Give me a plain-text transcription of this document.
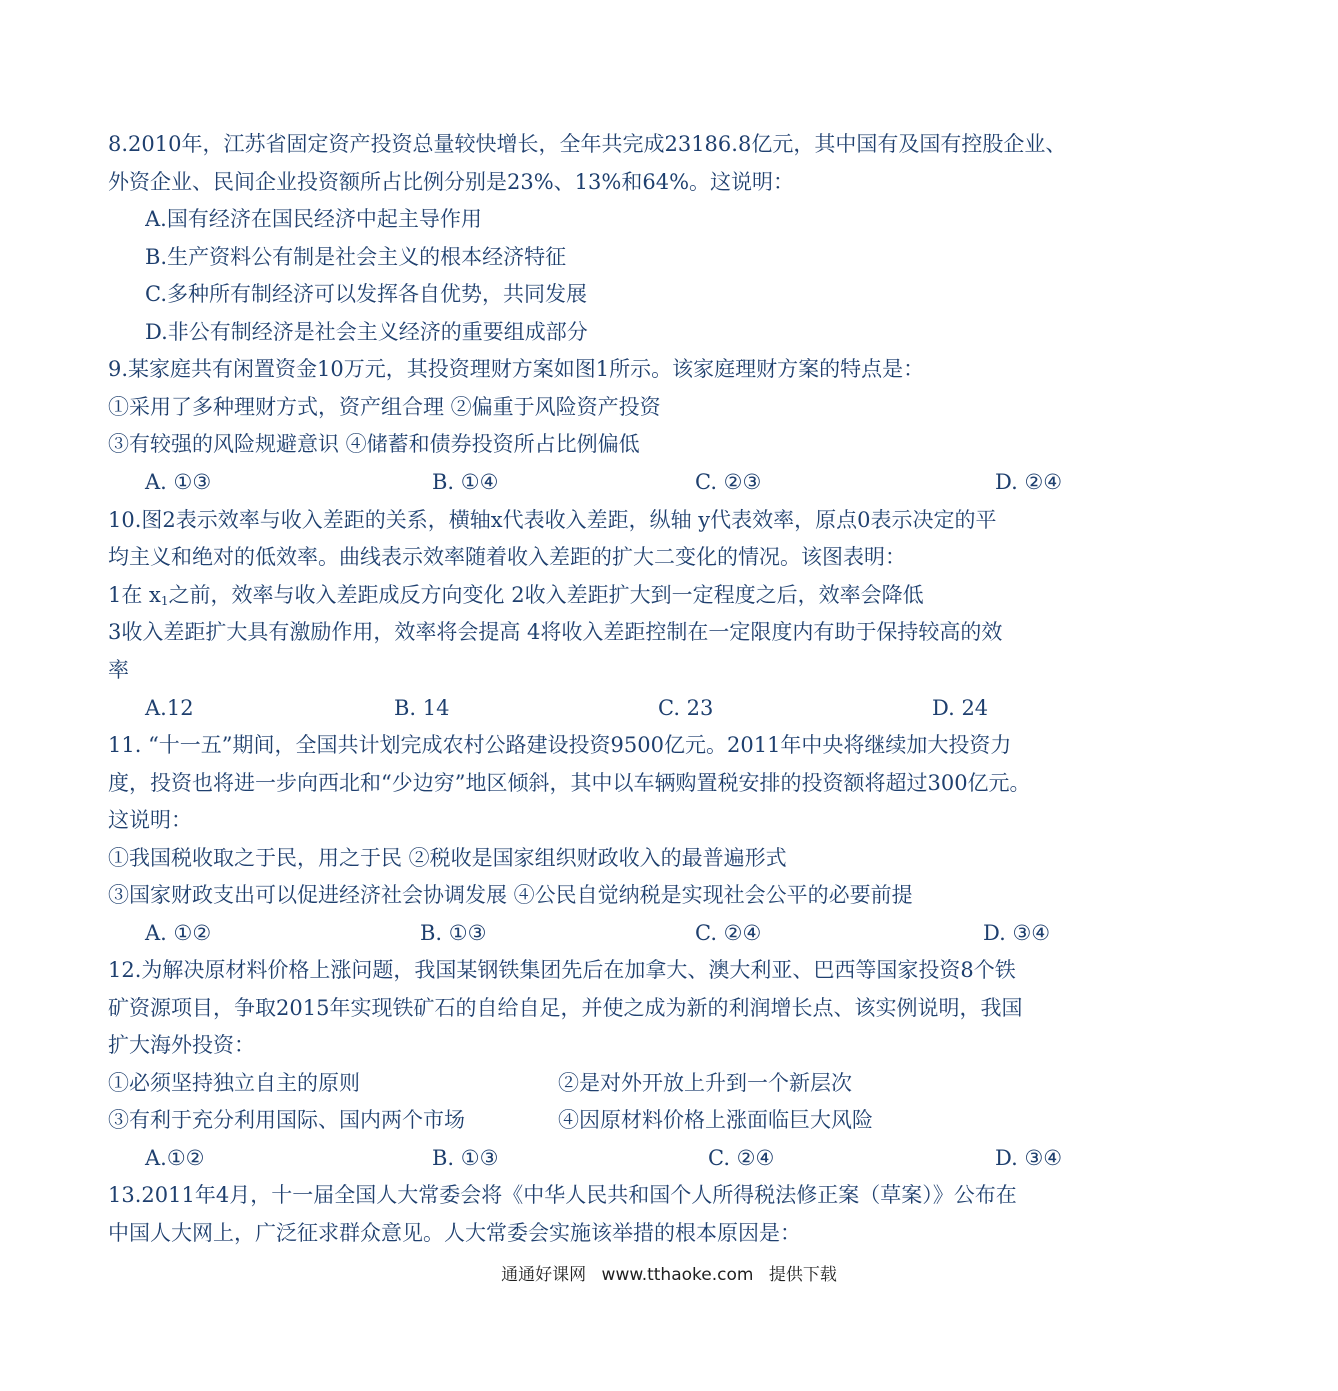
8.2010年，江苏省固定资产投资总量较快增长，全年共完成23186.8亿元，其中国有及国有控股企业、
外资企业、民间企业投资额所占比例分别是23%、13%和64%。这说明：
A.国有经济在国民经济中起主导作用
B.生产资料公有制是社会主义的根本经济特征
C.多种所有制经济可以发挥各自优势，共同发展
D.非公有制经济是社会主义经济的重要组成部分
9.某家庭共有闲置资金10万元，其投资理财方案如图1所示。该家庭理财方案的特点是：
①采用了多种理财方式，资产组合理 ②偏重于风险资产投资
③有较强的风险规避意识 ④储蓄和债券投资所占比例偏低
A. ①③	B. ①④	C. ②③	D. ②④
10.图2表示效率与收入差距的关系，横轴x代表收入差距，纵轴 y代表效率，原点0表示决定的平
均主义和绝对的低效率。曲线表示效率随着收入差距的扩大二变化的情况。该图表明：
1在 $x_1$之前，效率与收入差距成反方向变化 2收入差距扩大到一定程度之后，效率会降低
3收入差距扩大具有激励作用，效率将会提高 4将收入差距控制在一定限度内有助于保持较高的效
率
A.12	B. 14	C. 23	D. 24
11. “十一五”期间，全国共计划完成农村公路建设投资9500亿元。2011年中央将继续加大投资力
度，投资也将进一步向西北和“少边穷”地区倾斜，其中以车辆购置税安排的投资额将超过300亿元。
这说明：
①我国税收取之于民，用之于民 ②税收是国家组织财政收入的最普遍形式
③国家财政支出可以促进经济社会协调发展 ④公民自觉纳税是实现社会公平的必要前提
A. ①②	B. ①③	C. ②④	D. ③④
12.为解决原材料价格上涨问题，我国某钢铁集团先后在加拿大、澳大利亚、巴西等国家投资8个铁
矿资源项目，争取2015年实现铁矿石的自给自足，并使之成为新的利润增长点、该实例说明，我国
扩大海外投资：
①必须坚持独立自主的原则	②是对外开放上升到一个新层次
③有利于充分利用国际、国内两个市场	④因原材料价格上涨面临巨大风险
A.①②	B. ①③	C. ②④	D. ③④
13.2011年4月，十一届全国人大常委会将《中华人民共和国个人所得税法修正案（草案）》公布在
中国人大网上，广泛征求群众意见。人大常委会实施该举措的根本原因是：
通通好课网 www.tthaoke.com 提供下载
